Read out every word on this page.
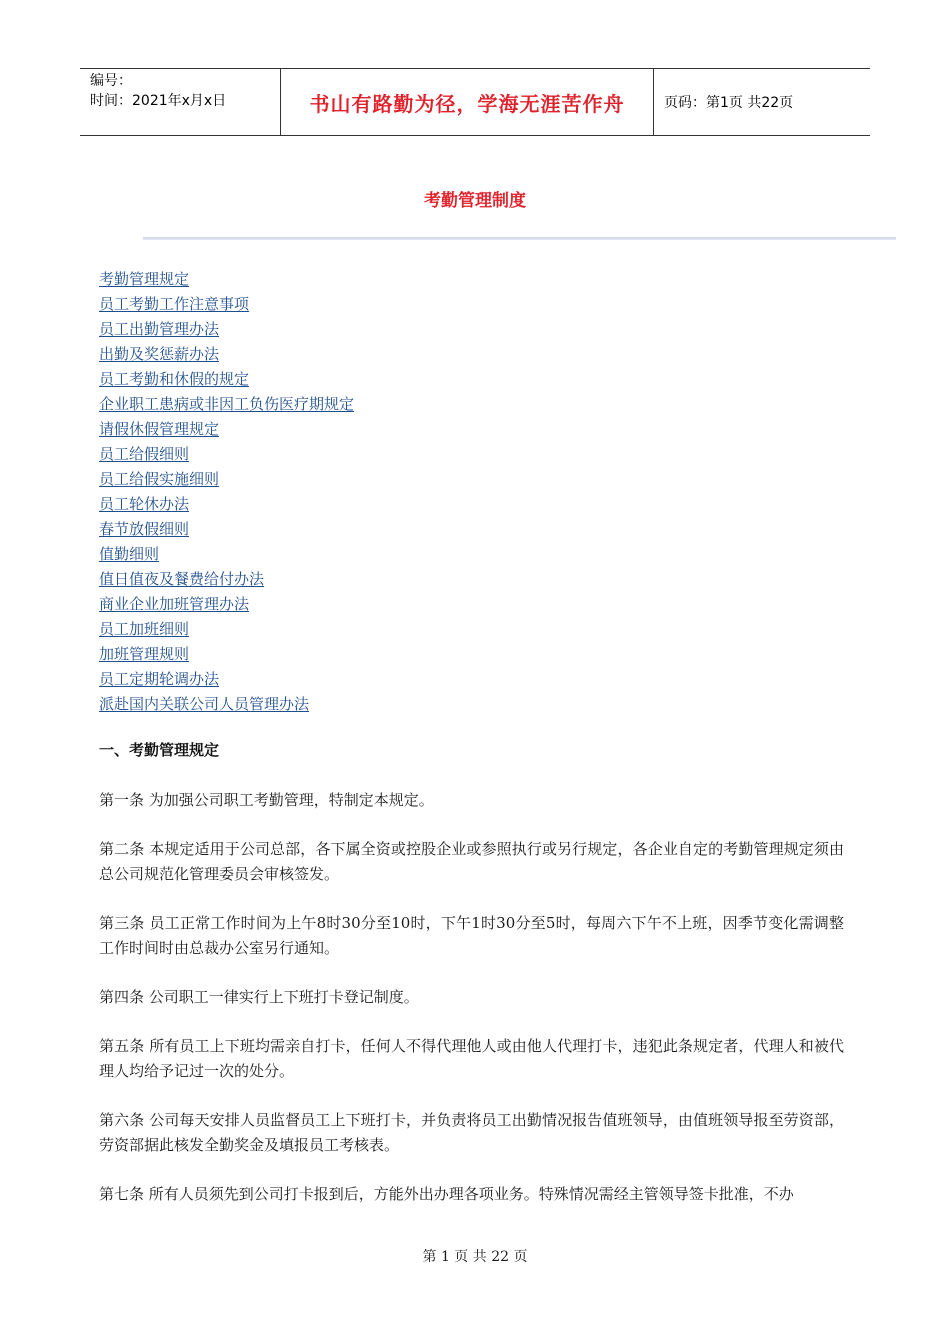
编号：
时间：2021年x月x日	书山有路勤为径，学海无涯苦作舟	页码：第1页 共22页
考勤管理制度
考勤管理规定
员工考勤工作注意事项
员工出勤管理办法
出勤及奖惩薪办法
员工考勤和休假的规定
企业职工患病或非因工负伤医疗期规定
请假休假管理规定
员工给假细则
员工给假实施细则
员工轮休办法
春节放假细则
值勤细则
值日值夜及餐费给付办法
商业企业加班管理办法
员工加班细则
加班管理规则
员工定期轮调办法
派赴国内关联公司人员管理办法
一、考勤管理规定

第一条 为加强公司职工考勤管理，特制定本规定。

第二条 本规定适用于公司总部，各下属全资或控股企业或参照执行或另行规定，各企业自定的考勤管理规定须由总公司规范化管理委员会审核签发。

第三条 员工正常工作时间为上午8时30分至10时，下午1时30分至5时，每周六下午不上班，因季节变化需调整工作时间时由总裁办公室另行通知。

第四条 公司职工一律实行上下班打卡登记制度。

第五条 所有员工上下班均需亲自打卡，任何人不得代理他人或由他人代理打卡，违犯此条规定者，代理人和被代理人均给予记过一次的处分。

第六条 公司每天安排人员监督员工上下班打卡，并负责将员工出勤情况报告值班领导，由值班领导报至劳资部，劳资部据此核发全勤奖金及填报员工考核表。

第七条 所有人员须先到公司打卡报到后，方能外出办理各项业务。特殊情况需经主管领导签卡批准，不办

第 1 页 共 22 页
